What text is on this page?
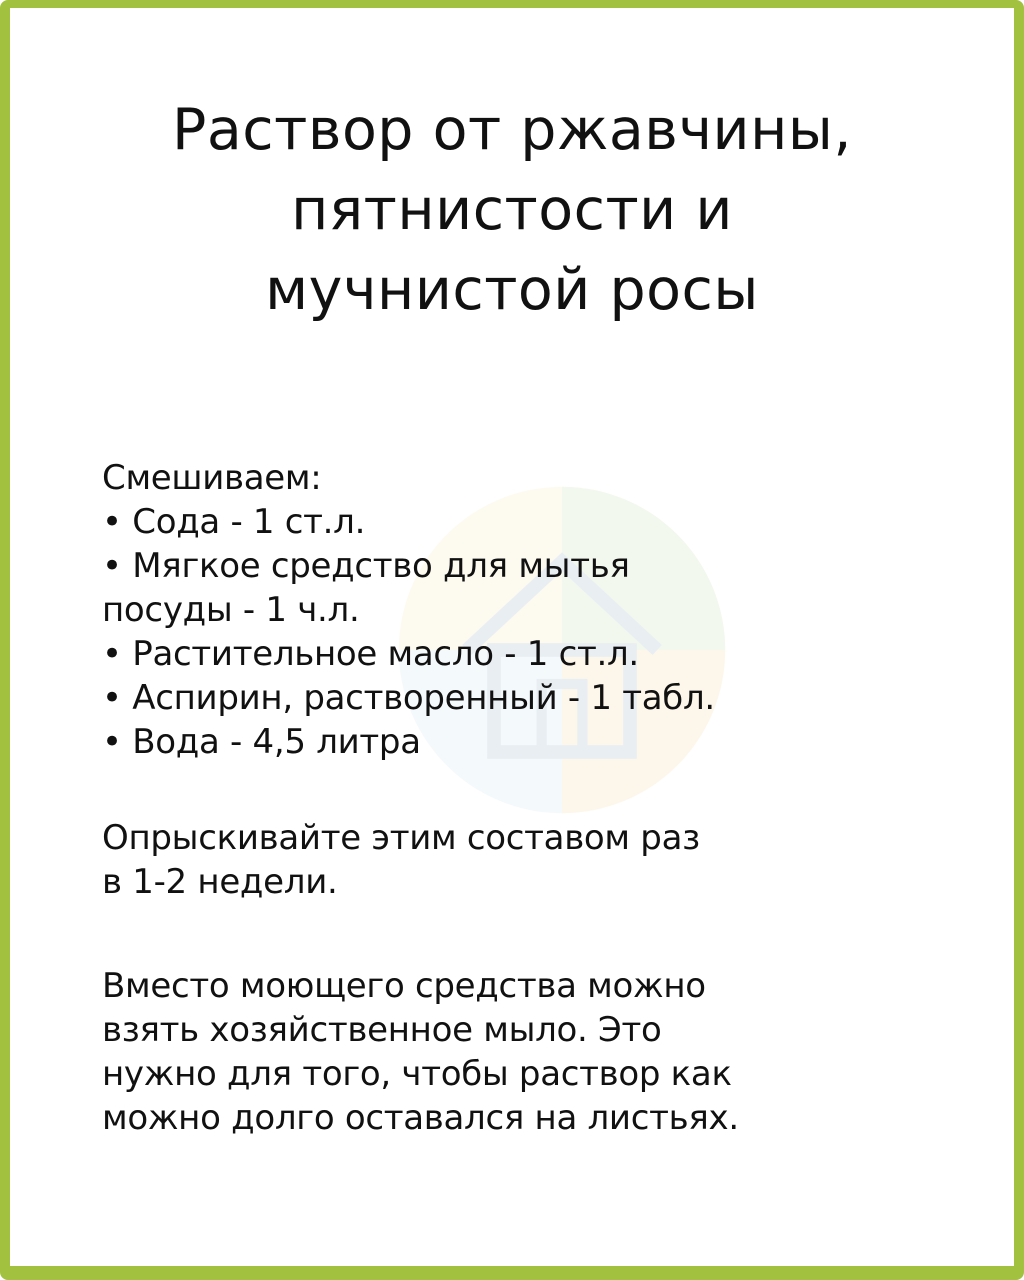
Раствор от ржавчины,
пятнистости и
мучнистой росы
Смешиваем:
• Сода - 1 ст.л.
• Мягкое средство для мытья
посуды - 1 ч.л.
• Растительное масло - 1 ст.л.
• Аспирин, растворенный - 1 табл.
• Вода - 4,5 литра
Опрыскивайте этим составом раз
в 1-2 недели.
Вместо моющего средства можно
взять хозяйственное мыло. Это
нужно для того, чтобы раствор как
можно долго оставался на листьях.
